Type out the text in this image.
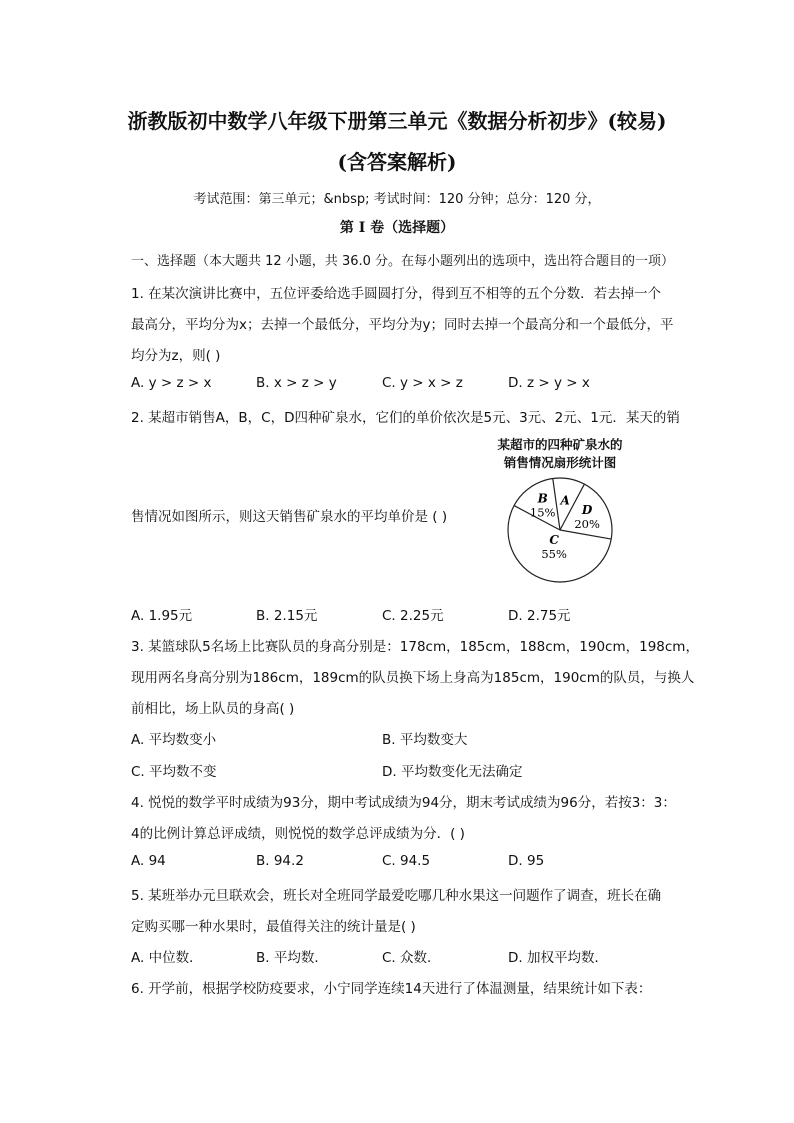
浙教版初中数学八年级下册第三单元《数据分析初步》(较易)
(含答案解析)
考试范围：第三单元；&nbsp; 考试时间：120 分钟；总分：120 分，
第 I 卷（选择题）
一、选择题（本大题共 12 小题，共 36.0 分。在每小题列出的选项中，选出符合题目的一项）
1. 在某次演讲比赛中，五位评委给选手圆圆打分，得到互不相等的五个分数．若去掉一个
最高分，平均分为x；去掉一个最低分，平均分为y；同时去掉一个最高分和一个最低分，平
均分为z，则( )
A. y > z > x	B. x > z > y	C. y > x > z	D. z > y > x
2. 某超市销售A，B，C，D四种矿泉水，它们的单价依次是5元、3元、2元、1元．某天的销
售情况如图所示，则这天销售矿泉水的平均单价是 ( )
某超市的四种矿泉水的
销售情况扇形统计图
A
D
20%
C
55%
B
15%
A. 1.95元	B. 2.15元	C. 2.25元	D. 2.75元
3. 某篮球队5名场上比赛队员的身高分别是：178cm，185cm，188cm，190cm，198cm，
现用两名身高分别为186cm，189cm的队员换下场上身高为185cm，190cm的队员，与换人
前相比，场上队员的身高( )
A. 平均数变小	B. 平均数变大
C. 平均数不变	D. 平均数变化无法确定
4. 悦悦的数学平时成绩为93分，期中考试成绩为94分，期末考试成绩为96分，若按3：3：
4的比例计算总评成绩，则悦悦的数学总评成绩为分．( )
A. 94	B. 94.2	C. 94.5	D. 95
5. 某班举办元旦联欢会，班长对全班同学最爱吃哪几种水果这一问题作了调查，班长在确
定购买哪一种水果时，最值得关注的统计量是( )
A. 中位数．	B. 平均数．	C. 众数．	D. 加权平均数．
6. 开学前，根据学校防疫要求，小宁同学连续14天进行了体温测量，结果统计如下表：
